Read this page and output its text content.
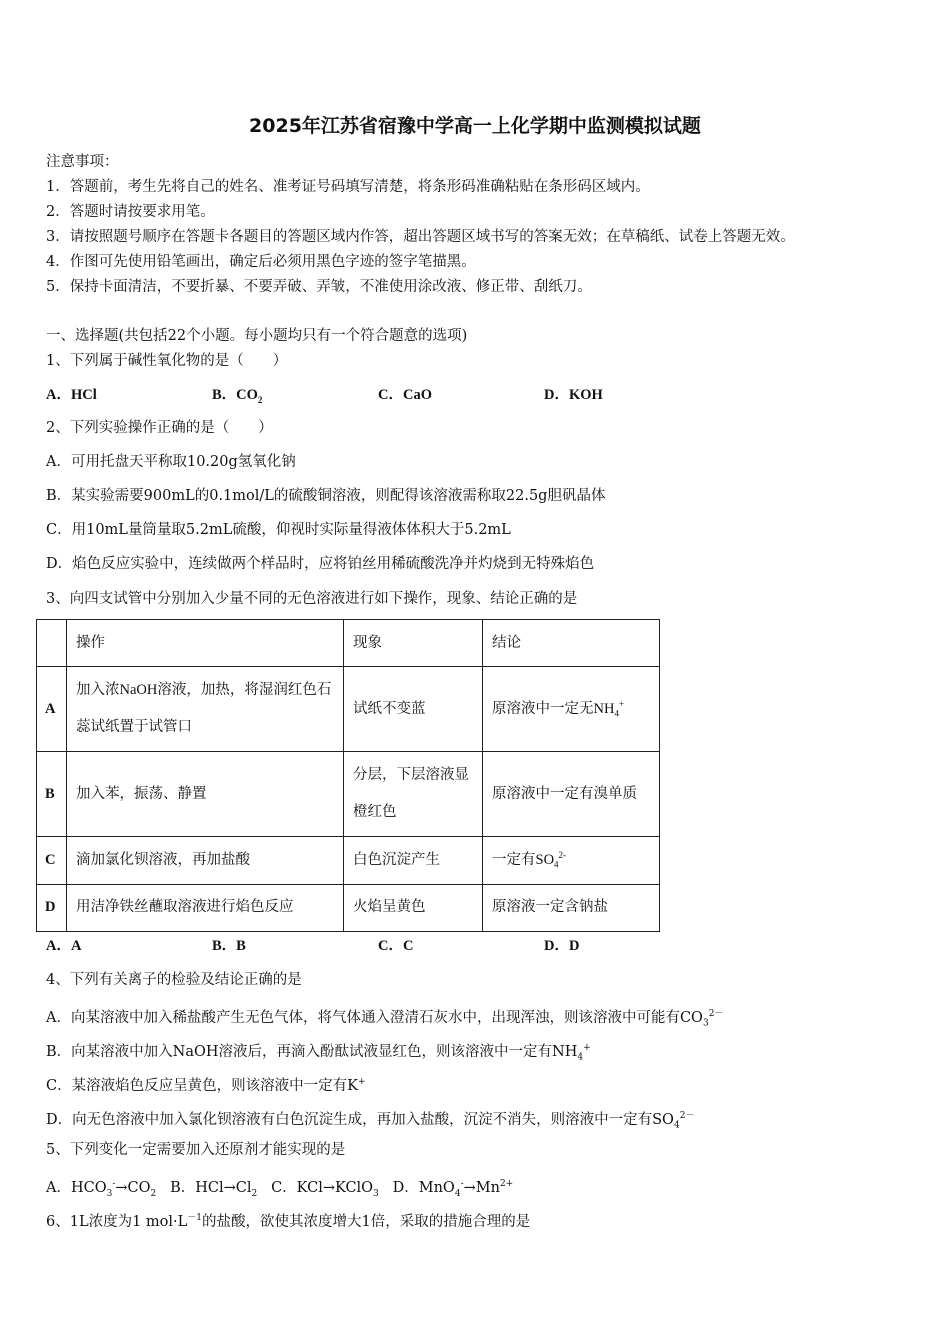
2025年江苏省宿豫中学高一上化学期中监测模拟试题
注意事项：
1．答题前，考生先将自己的姓名、准考证号码填写清楚，将条形码准确粘贴在条形码区域内。
2．答题时请按要求用笔。
3．请按照题号顺序在答题卡各题目的答题区域内作答，超出答题区域书写的答案无效；在草稿纸、试卷上答题无效。
4．作图可先使用铅笔画出，确定后必须用黑色字迹的签字笔描黑。
5．保持卡面清洁，不要折暴、不要弄破、弄皱，不准使用涂改液、修正带、刮纸刀。
一、选择题(共包括22个小题。每小题均只有一个符合题意的选项)
1、下列属于碱性氧化物的是（　　）
A．HCl	B．$CO_2$	C．CaO	D．KOH
2、下列实验操作正确的是（　　）
A．可用托盘天平称取10.20g氢氧化钠
B．某实验需要900mL的0.1mol/L的硫酸铜溶液，则配得该溶液需称取22.5g胆矾晶体
C．用10mL量筒量取5.2mL硫酸，仰视时实际量得液体体积大于5.2mL
D．焰色反应实验中，连续做两个样品时，应将铂丝用稀硫酸洗净并灼烧到无特殊焰色
3、向四支试管中分别加入少量不同的无色溶液进行如下操作，现象、结论正确的是
	操作	现象	结论
A	加入浓NaOH溶液，加热，将湿润红色石蕊试纸置于试管口	试纸不变蓝	原溶液中一定无$NH_4^+$
B	加入苯，振荡、静置	分层，下层溶液显橙红色	原溶液中一定有溴单质
C	滴加氯化钡溶液，再加盐酸	白色沉淀产生	一定有$SO_4^{2-}$
D	用洁净铁丝蘸取溶液进行焰色反应	火焰呈黄色	原溶液一定含钠盐
A．A	B．B	C．C	D．D
4、下列有关离子的检验及结论正确的是
A．向某溶液中加入稀盐酸产生无色气体，将气体通入澄清石灰水中，出现浑浊，则该溶液中可能有$CO_3^{2-}$
B．向某溶液中加入NaOH溶液后，再滴入酚酞试液显红色，则该溶液中一定有$NH_4^+$
C．某溶液焰色反应呈黄色，则该溶液中一定有K+
D．向无色溶液中加入氯化钡溶液有白色沉淀生成，再加入盐酸，沉淀不消失，则溶液中一定有$SO_4^{2-}$
5、下列变化一定需要加入还原剂才能实现的是
A．$HCO_3^-\to CO_2$ B．$HCl\to Cl_2$ C．KCl→KClO$_3$ D．$MnO_4^-\to Mn^{2+}$
6、1L浓度为1 $mol\cdot L^{-1}$的盐酸，欲使其浓度增大1倍，采取的措施合理的是
